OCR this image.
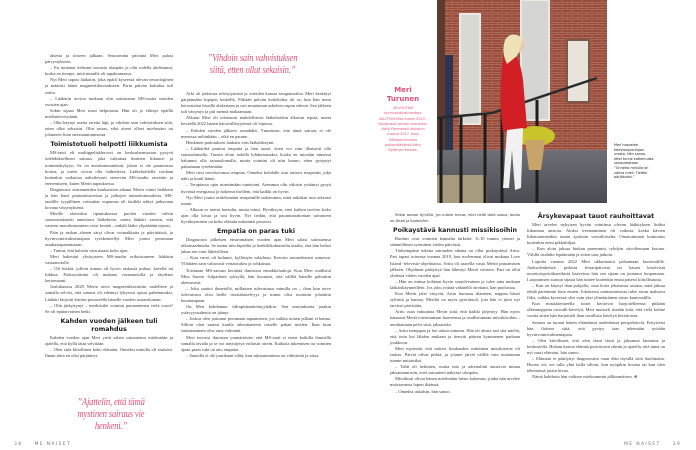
”Vihdoin sain vahvistuksen siitä, etten ollut sekaisin.”

aluetta ja toiseen jalkaan. Seuraavana päivänä Meri palasi päivystykseen.

– En tuntenut kehoani navasta alaspäin ja olin todella ahdistunut, koska en tiennyt, mitä minulle oli tapahtumassa.

Nyt Meri tapasi lääkärin, joka epäili kyseessä olevan neurologinen ja määräsi hänet magneettikuvaukseen. Parin päivän kuluttua tuli soitto.

– Lääkärin arvion mukaan olin sairastanut MS-tautia useiden vuosien ajan.

Sokin sijaan Meri tunsi helpotusta. Hän oli jo ehtinyt epäillä mielenterveyttään.

– Olin käynyt useita oireita läpi, ja vihdoin sain vahvistuksen siitä, etten ollut sekaisin. Olin sairas, eikä oireet olleet mielessäni tai johtuneet liian stressaantumisesta.

Toimistotuoli helpotti liikkumista

MS-tauti eli multippeliskleroosi on keskushermoston pysyvä tulehduksellinen sairaus, joka vaikuttaa ihmisen liikunta- ja toimintakykyyn. Se on autoimmuunitauti, johon ei ole parantavaa hoitoa, ja oireet voivat olla vaihtelevia. Lääkehoidolla voidaan kuitenkin vaikuttaa aaltoilevasti etenevän MS-taudin oireisiin ja etenemiseen, kuten Merin tapauksessa.

Diagnoosia seuranneiden kuukausien aikana Merin vointi heikkeni ja hän kärsi puutumisoireista ja jalkojen tunnottomuudesta. MS-taudille tyypillinen voimakas uupumus eli fatiikki näkyi jatkuvana kovana väsymyksenä.

Merille aloitettiin tipautuksessa puolen vuoden välein suonensisäisesti annettava lääkehoito, mutta lääkäri varoitti, että vasteen muodostuminen voisi kestää – mikäli lääke ylipäätään tepsisi.

Päin ja niskan alueen säryt olivat voimakkaita ja päivittäisiä, ja hyvinvointivalmentajana työskennellyt Meri joutui perumaan asiakastapaamisiaan.

– Tuntui, että halusin vain maata koko ajan.

Meri hakeutui yksityiseen MS-taudin erikoistuneen lääkärin vastaanotolle.

– Oli hetkiä, jolloin minun oli hyvin raskasta puhua, kävellä tai liikkua. Poikaystäväni oli mukana vastaanotolla ja täydensi kertomaani.

Joulukuussa 2020 Merin aivot magneettikuvattiin uudelleen ja samalla selvisi, että sairaus oli edennyt lyhyessä ajassa pahemmaksi. Lääkäri kirjoitti kävien perusteella hänelle vuoden sairausloman.

– Olin järkyttynyt – merkitsikö vointini paraneminen vielä vuosi? Se oli epätoivoinen hetki.

Kahden vuoden jälkeen tuli romahdus

Kahden vuoden ajan Meri yritti salata sairautensa mielestään ja ajatella, että kyllä tästä selvitään.

– Olen siitä kiitollinen koko elämäni. Onneksi minulla oli sisäsöni. Ilman niitä en olisi pärjännyt.

Arki oli jatkuvaa selviytymistä ja oireiden kanssa tasapainoilua. Meri keskittyi pärjäämään kipujen keskellä. Pitkään päivän kohokohta oli se, kun hän meni kerrostalon hissillä alakertaan ja osti muutaman askeleen rapun edessä. Sen jälkeen tuli väsymys ja piti mennä makaamaan.

Alkuun Meri oli odottanut mahdollisesti lääkehoidon alkavan tepsiä, mutta keväällä 2022 hänen kärsivällisyytensä oli lopussa.

– Kahden vuoden jälkeen romahdin. Ymmärsin, että tämä sairaus ei ole menossa mihinkään – eikä en parane.

Henkinen pudotuksen laukaisi eräs lääkärikäynti.

– Lääkäriltä puuttui empatia ja hän sanoi, etten voi vain ilkaisesti olla sairauslomalla. Tunsin oloni todella lohduttomaksi, koska en missään nimessä halunnut olla sairauslomalla, mutta vointini oli niin huono, etten pystynyt palaamaan työelämään.

Meri tiesi tarvitsevansa terapiaa. Onneksi kohdalle osui taitava terapeutti, joka näki ja kuuli hänet.

– Terapiassa opin nimeämään tunteitani. Aiemmin olin väkisin yrittänyt pysyä hyvässä energiassa ja hokenut itselleni, että kaikki on hyvin.

Nyt Meri joutui erittelemään terapeutille tarkemmin, mitä mikäkin asia oikeasti tuntui.

– Alkuun se tuntui hassulta, mutta toimi. Hyväksyin, ettei kaiken tarvitse koko ajan olla kivaa ja tosi hyvin. Nyt tiedän, että parantumattoman sairauteni hyväksyminen on koko elämän mittainen prosessi.

Empatia on paras tuki

Diagnoosin jälkeisen ensimmäisen vuoden ajan Meri salasi sairautensa ulkomaailmalta. Se tuntui niin kipeältä ja henkilökohtaiselta asialta, että hän halusi jakaa sen vain läheisilleen.

– Kun vuosi oli kulunut, kyllästyin salailuun. Kerroin sairaudestani somessa. Yllättäen sain valtavasti vertaistukea ja rohkaisua.

Toisinaan MS-sairaus herättää ihmisissä ennakkoluuloja. Kun Meri osallistui Miss Suomi -kilpailuun syksyllä, hän huomasi, että väliltä hänelle puhuttiin alentuvasti.

– Joku saattoi ihmetellä, millainen tulevaisuus minulla on – ihan kun terve tulevaisuus olisi heille itsestäänselvyys ja minut olisi tuomittu johonkin huonompaan.

On Meri kohdannut välinpitämättömyyttäkin. Sen seurauksena jotakin ystävyyssuhteita on jäänyt.

– Joskus olen joutunut perumaan tapaamisen, jos vaikka toinen jalkani ei kanna. Silloin olen saanut kuulla aiheuttaneeni toiselle pahan mielen. Ikan kuin sairastaminen olisi oma valintani.

Meri toivoisi ihmisten ymmärtävän, että MS-tauti ei etene kaikilla ihmisillä samalla tavalla ja se voi näyttäytyä erilaisin oirein. Kaikista tukemisen tai voimien ajaan paras tuki on aito empatia.

– Sanoilla ei ole juurikaan väliä, kun suhtautuminen on välittävää ja aitoa.

”Ajattelin, että tämä mystinen sairaus vie henkeni.”
38	ME NAISET
Meri Turunen
28-VUOTIAS hyvinvointivalmentaja. VALITTIIN Miss Suomi 2014 -kilpailussa yleisön suosikiksi. Voitti Fitnesmalli-kilpailun vuonna 2017. Asuu Hämeenlinnassa poikaystävänsä Arttu Nybergin kanssa.
Meri haavelee televisiojuontajan urasta. Hän sanoo, ettei tunne katkeruutta sairaudestaan. ”Onneksi minulla on vahva mieli. Tiedän pärjääväni.”

Sekin tuntuu hyvältä, jos toinen toteaa, ettei tiedä mitä sanoa, mutta on läsnä ja kuuntelee.

Poikaystävä kannusti missikisoihin

Rutiinit ovat voimien kannalta tärkeitä: 8–10 tunnin yöunet ja säännöllinen syöminen viiden päivässä.

Tärkeimpänä tukena sairauden aikana on ollut poikaystävä Arttu. Pari tapasi toisensa vuonna 2019, kun molemmat olivat mukana Love Island -televisio-ohjelmassa. Arttu oli saarella vasta Merin putoamisen jälkeen. Ohjelman päätyttyä hän lähestyi Meriä viestein. Pari on ollut yhdessä viiden vuoden ajan.

– Hän on minua kohtaan hyvin suojelevainen ja tulee aina mukaan lääkärikäynneilleni. Jos joku yrittää vähätellä oireitani, hän puolustaa.

Kun Merin jalat väsyvät, Arttu huomaa tilanteen, nappaa hänet syliinsä ja kantaa. Meriltä on myös pyörätuoli, jota hän ei juuri nyt tarvitse päivittäin.

Arttu osaa vakuuttaa Merin siitä, että kaikki järjestyy. Hän myös kannusti Meriä toteuttamaan haaveensa ja osallistumaan missikisoihin – unohtamaan pelot siitä, jaksaisiko.

– Arttu tsemppaa ja luo uskoa minuun. Hän oli alusta asti sitä mieltä, että totta kai lähden mukaan ja tienytti pääsen kymmenen parhaan joukkoon.

Meri myöntää, että mitteri kuukauden mittainen missikiertue oli raskas. Päivät olivat pitkiä, ja yöunet jäivät välillä vain muutaman tunnin mittaisiksi.

– Tahti oli hektinen, mutta into ja adrenaliini auttoivat minua jaksamaan niin, ettei sairauteni näkynyt ulospäin.

Missikisat olivat hänen mielestään hieno kokemus, jonka hän arvelee muistavansa lopun ikäänsä.

– Onneksi uskalsin, hän sanoo.

Ärsykevapaat tauot rauhoittavat

Meri arvelee nykyisen hyvän vointinsa olevan lääkityksen lisäksi liikunnan ansiota. Aluksi treenaaminen oli vaikeaa, koska kävien liikuttaminenkin tuntui ajoittain vaivalloiselta. Omatoiminen kuntoutus kuitenkin eteni pikkuhiljaa.

– Kun aloin jaksaa hiukan paremmin, ryhdyin siivoilemaan kotona. Välillä istahdin lepäämään ja sitten taas jatkoin.

Lopulta vuonna 2022 Meri ukkuitautui palaamaan kuntosalille. Juoksulenkeistä, pitkistä festaripäivistä tai kauan kestävistä moottoripyöräkaretkistä haaveissa hän sen sijaan on joutunut luopumaan. Luopumisen suruun sijasta hän tuntee kuitenkin ensisijaisesti kiitollisuutta.

– Kun on käynyt ihan pohjalla, osaa iloita jokaisesta asiasta, mitä jaksaa tehdä paremmin kuin ennen. Jokaisesta onnistumisesta tulee aivan mahtava fiilis, vaikka kyseessä olisi vain yksi ylimääräinen toisto kuntosalilla.

Kun missikiertueella toiset kertoivat harjoitelleensa pitkään olkeanoppista catwalk-kävelyä, Meri muisteli itseään siitä, että vielä kolme vuotta sitten hän harjoitteli ihan tavallista kävelyä kotioloissa.

Sairaus on tuonut hänen elämäänsä uudenlaista perspektiiviä. Erityisesti hän iloitsee siitä, että pystyy taas tekemään työtään hyvinvointivalmentajana.

– Olen kiitollinen, että olen tässä tässä ja jaksamat lattautua ja keskustella. Haluan katsoa elämää positiivisin silmin ja ajatella, että tämä on nyt suuri elämäni, hän sanoo.

– Elämäni ei päättynyt diagnoosiini vaan elän täysillä siitä huolimatta. Huono olo voi tulla yhtä lailla silloin, kun nyöpikin kotona tai kun olen tekemässä jotain kivaa.

Nämä kahdesta hän valitsee mieluummin jälkimmäisen. ⊕

ME NAISET	39
